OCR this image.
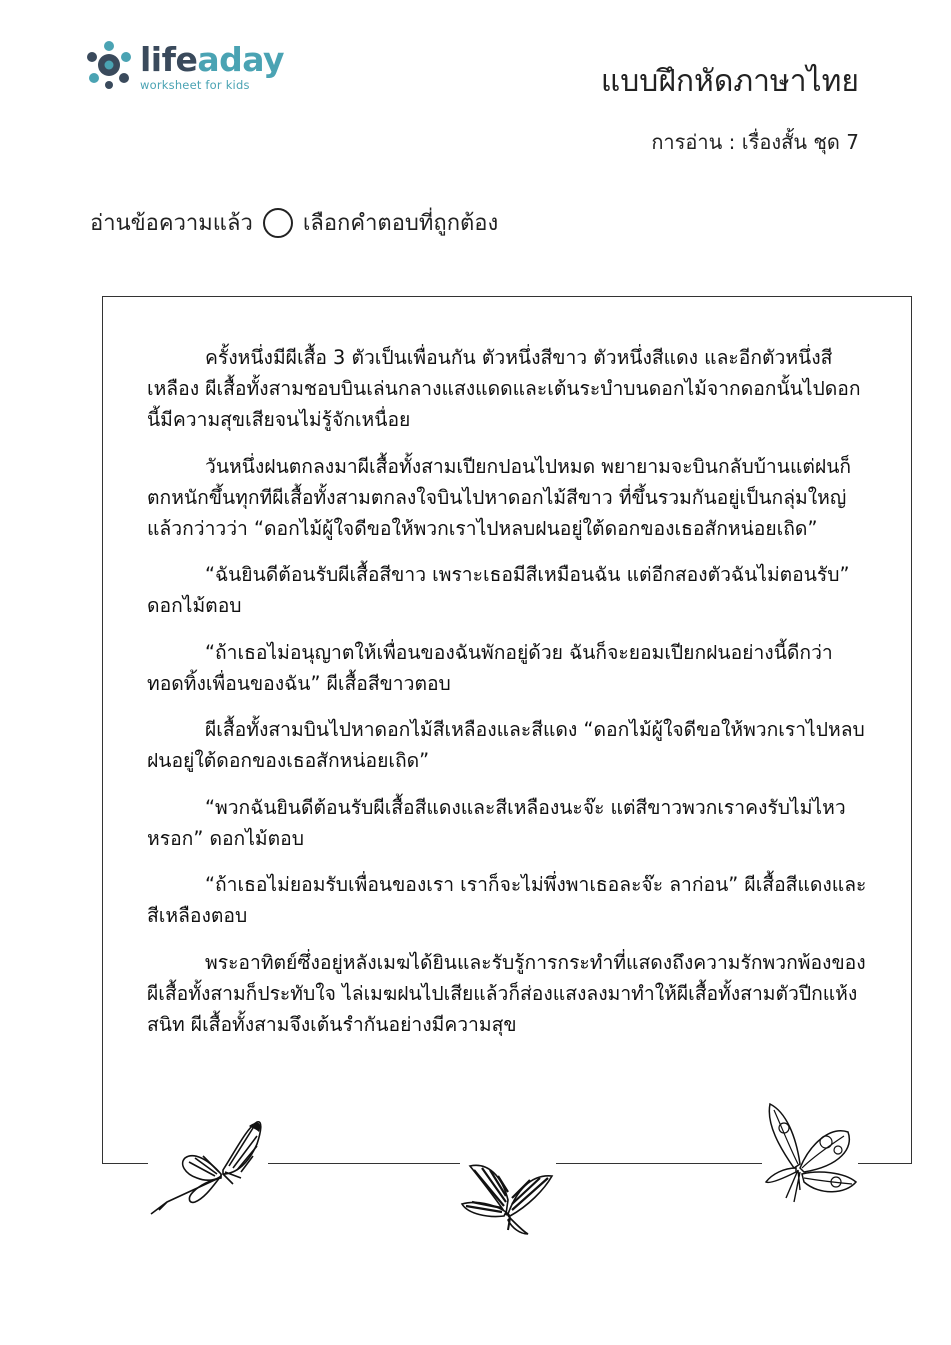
lifeaday
worksheet for kids	แบบฝึกหัดภาษาไทย
การอ่าน : เรื่องสั้น ชุด 7
อ่านข้อความแล้ว เลือกคำตอบที่ถูกต้อง

ครั้งหนึ่งมีผีเสื้อ 3 ตัวเป็นเพื่อนกัน ตัวหนึ่งสีขาว ตัวหนึ่งสีแดง และอีกตัวหนึ่งสีเหลือง ผีเสื้อทั้งสามชอบบินเล่นกลางแสงแดดและเต้นระบำบนดอกไม้จากดอกนั้นไปดอกนี้มีความสุขเสียจนไม่รู้จักเหนื่อย

วันหนึ่งฝนตกลงมาผีเสื้อทั้งสามเปียกปอนไปหมด พยายามจะบินกลับบ้านแต่ฝนก็ตกหนักขึ้นทุกทีผีเสื้อทั้งสามตกลงใจบินไปหาดอกไม้สีขาว ที่ขึ้นรวมกันอยู่เป็นกลุ่มใหญ่ แล้วกว่าวว่า “ดอกไม้ผู้ใจดีขอให้พวกเราไปหลบฝนอยู่ใต้ดอกของเธอสักหน่อยเถิด”

“ฉันยินดีต้อนรับผีเสื้อสีขาว เพราะเธอมีสีเหมือนฉัน แต่อีกสองตัวฉันไม่ตอนรับ” ดอกไม้ตอบ

“ถ้าเธอไม่อนุญาตให้เพื่อนของฉันพักอยู่ด้วย ฉันก็จะยอมเปียกฝนอย่างนี้ดีกว่าทอดทิ้งเพื่อนของฉัน” ผีเสื้อสีขาวตอบ

ผีเสื้อทั้งสามบินไปหาดอกไม้สีเหลืองและสีแดง “ดอกไม้ผู้ใจดีขอให้พวกเราไปหลบฝนอยู่ใต้ดอกของเธอสักหน่อยเถิด”

“พวกฉันยินดีต้อนรับผีเสื้อสีแดงและสีเหลืองนะจ๊ะ แต่สีขาวพวกเราคงรับไม่ไหวหรอก” ดอกไม้ตอบ

“ถ้าเธอไม่ยอมรับเพื่อนของเรา เราก็จะไม่พึ่งพาเธอละจ๊ะ ลาก่อน” ผีเสื้อสีแดงและสีเหลืองตอบ

พระอาทิตย์ซึ่งอยู่หลังเมฆได้ยินและรับรู้การกระทำที่แสดงถึงความรักพวกพ้องของผีเสื้อทั้งสามก็ประทับใจ ไล่เมฆฝนไปเสียแล้วก็ส่องแสงลงมาทำให้ผีเสื้อทั้งสามตัวปีกแห้งสนิท ผีเสื้อทั้งสามจึงเต้นรำกันอย่างมีความสุข
